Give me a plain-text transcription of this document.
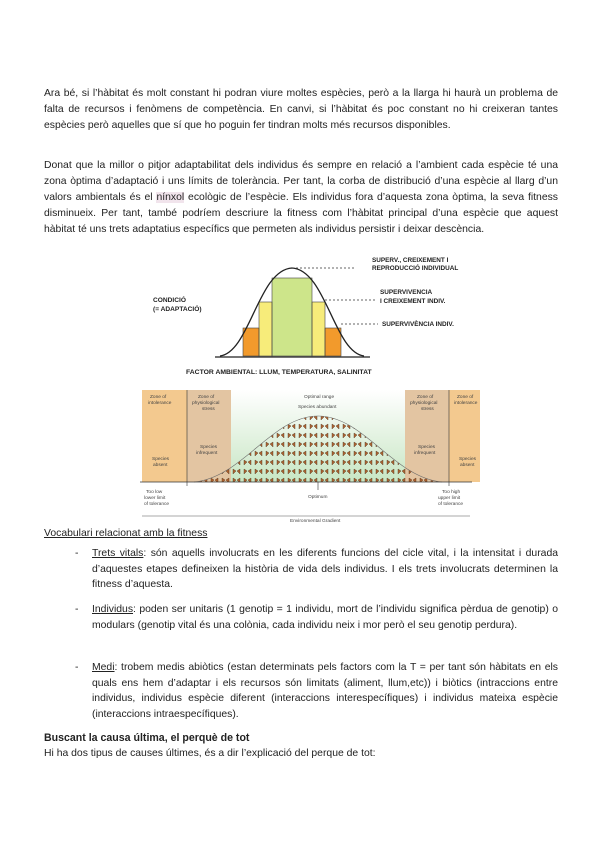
Ara bé, si l’hàbitat és molt constant hi podran viure moltes espècies, però a la llarga hi haurà un problema de falta de recursos i fenòmens de competència. En canvi, si l’hàbitat és poc constant no hi creixeran tantes espècies però aquelles que sí que ho poguin fer tindran molts més recursos disponibles.

Donat que la millor o pitjor adaptabilitat dels individus és sempre en relació a l’ambient cada espècie té una zona òptima d’adaptació i uns límits de tolerància. Per tant, la corba de distribució d’una espècie al llarg d’un valors ambientals és el nínxol ecològic de l’espècie. Els individus fora d’aquesta zona òptima, la seva fitness disminueix. Per tant, també podríem descriure la fitness com l’hàbitat principal d’una espècie que aquest hàbitat té uns trets adaptatius específics que permeten als individus persistir i deixar descència.

CONDICIÓ
(= ADAPTACIÓ)
SUPERV., CREIXEMENT I
REPRODUCCIÓ INDIVIDUAL
SUPERVIVENCIA
I CREIXEMENT INDIV.
SUPERVIVÈNCIA INDIV.
FACTOR AMBIENTAL: LLUM, TEMPERATURA, SALINITAT
Zone of
intolerance
Zone of
physiological
stress
Optimal range
Species abundant
Zone of
physiological
stress
Zone of
intolerance
Species
absent
Species
infrequent
Species
infrequent
Species
absent
Too low
lower limit
of tolerance
Optimum
Too high
upper limit
of tolerance
Environmental Gradient

Vocabulari relacionat amb la fitness

- Trets vitals: són aquells involucrats en les diferents funcions del cicle vital, i la intensitat i durada d’aquestes etapes defineixen la història de vida dels individus. I els trets involucrats determinen la fitness d’aquesta.
- Individus: poden ser unitaris (1 genotip = 1 individu, mort de l’individu significa pèrdua de genotip) o modulars (genotip vital és una colònia, cada individu neix i mor però el seu genotip perdura).
- Medi: trobem medis abiòtics (estan determinats pels factors com la T = per tant són hàbitats en els quals ens hem d’adaptar i els recursos són limitats (aliment, llum,etc)) i biòtics (intraccions entre individus, individus espècie diferent (interaccions interespecífiques) i individus mateixa espècie (interaccions intraespecífiques).

Buscant la causa última, el perquè de tot

Hi ha dos tipus de causes últimes, és a dir l’explicació del perque de tot:
